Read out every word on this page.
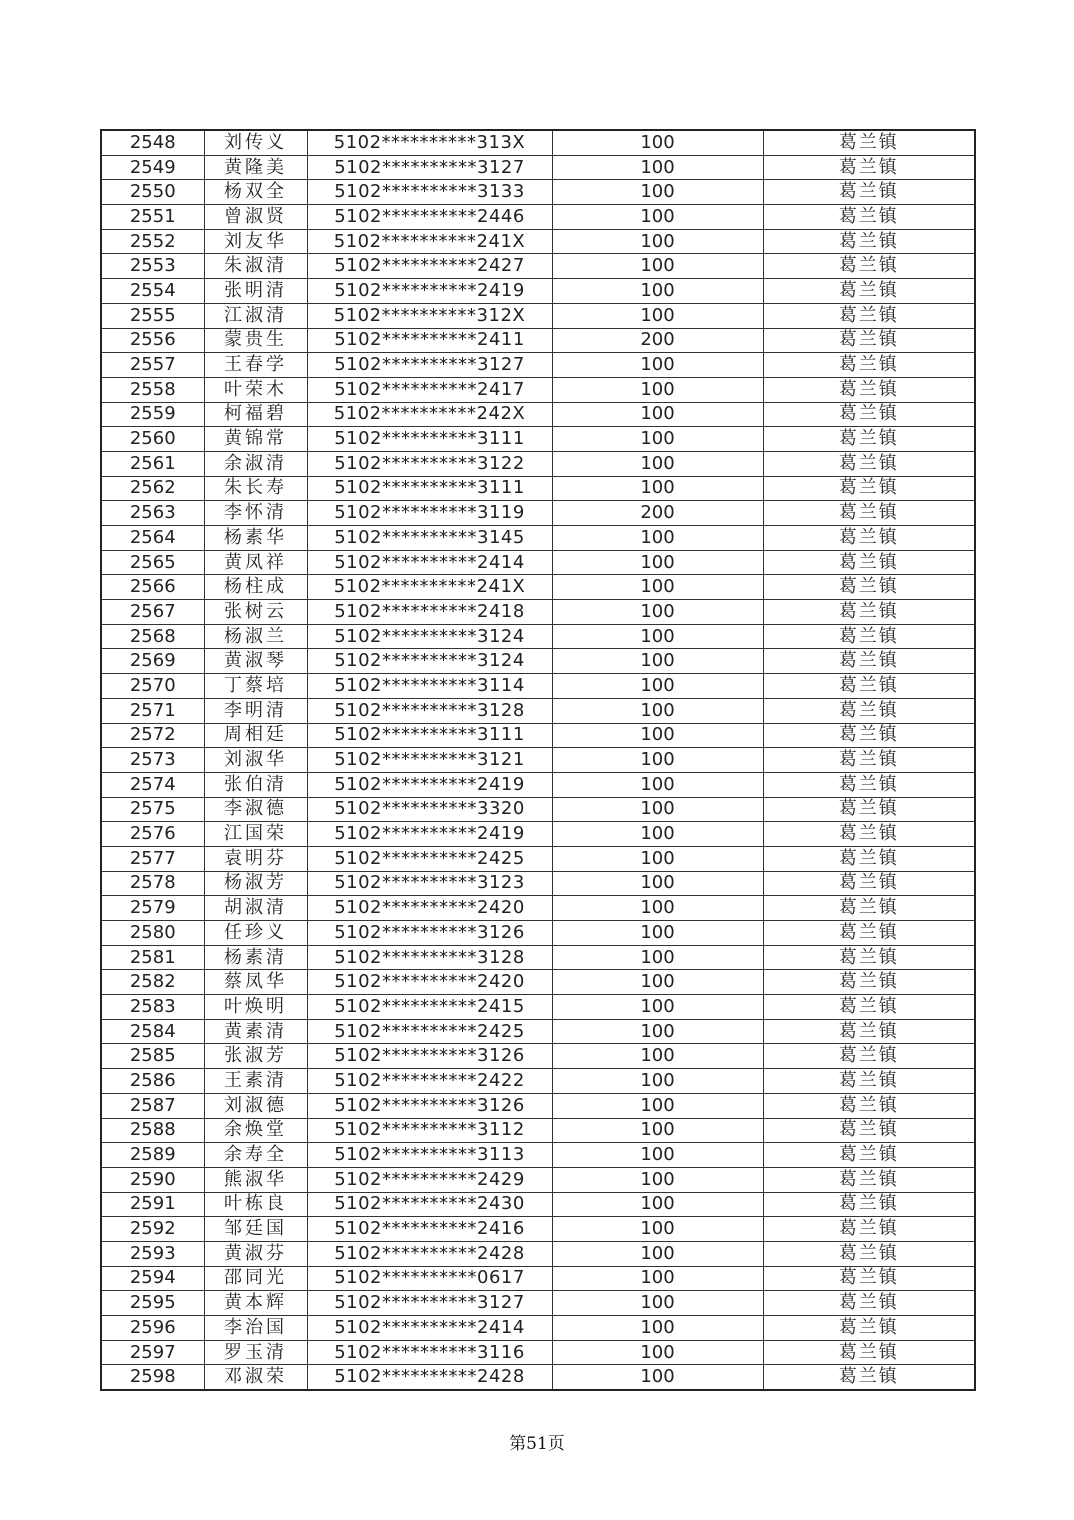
2548	刘传义	5102**********313X	100	葛兰镇
2549	黄隆美	5102**********3127	100	葛兰镇
2550	杨双全	5102**********3133	100	葛兰镇
2551	曾淑贤	5102**********2446	100	葛兰镇
2552	刘友华	5102**********241X	100	葛兰镇
2553	朱淑清	5102**********2427	100	葛兰镇
2554	张明清	5102**********2419	100	葛兰镇
2555	江淑清	5102**********312X	100	葛兰镇
2556	蒙贵生	5102**********2411	200	葛兰镇
2557	王春学	5102**********3127	100	葛兰镇
2558	叶荣木	5102**********2417	100	葛兰镇
2559	柯福碧	5102**********242X	100	葛兰镇
2560	黄锦常	5102**********3111	100	葛兰镇
2561	余淑清	5102**********3122	100	葛兰镇
2562	朱长寿	5102**********3111	100	葛兰镇
2563	李怀清	5102**********3119	200	葛兰镇
2564	杨素华	5102**********3145	100	葛兰镇
2565	黄凤祥	5102**********2414	100	葛兰镇
2566	杨柱成	5102**********241X	100	葛兰镇
2567	张树云	5102**********2418	100	葛兰镇
2568	杨淑兰	5102**********3124	100	葛兰镇
2569	黄淑琴	5102**********3124	100	葛兰镇
2570	丁蔡培	5102**********3114	100	葛兰镇
2571	李明清	5102**********3128	100	葛兰镇
2572	周相廷	5102**********3111	100	葛兰镇
2573	刘淑华	5102**********3121	100	葛兰镇
2574	张伯清	5102**********2419	100	葛兰镇
2575	李淑德	5102**********3320	100	葛兰镇
2576	江国荣	5102**********2419	100	葛兰镇
2577	袁明芬	5102**********2425	100	葛兰镇
2578	杨淑芳	5102**********3123	100	葛兰镇
2579	胡淑清	5102**********2420	100	葛兰镇
2580	任珍义	5102**********3126	100	葛兰镇
2581	杨素清	5102**********3128	100	葛兰镇
2582	蔡凤华	5102**********2420	100	葛兰镇
2583	叶焕明	5102**********2415	100	葛兰镇
2584	黄素清	5102**********2425	100	葛兰镇
2585	张淑芳	5102**********3126	100	葛兰镇
2586	王素清	5102**********2422	100	葛兰镇
2587	刘淑德	5102**********3126	100	葛兰镇
2588	余焕堂	5102**********3112	100	葛兰镇
2589	余寿全	5102**********3113	100	葛兰镇
2590	熊淑华	5102**********2429	100	葛兰镇
2591	叶栋良	5102**********2430	100	葛兰镇
2592	邹廷国	5102**********2416	100	葛兰镇
2593	黄淑芬	5102**********2428	100	葛兰镇
2594	邵同光	5102**********0617	100	葛兰镇
2595	黄本辉	5102**********3127	100	葛兰镇
2596	李治国	5102**********2414	100	葛兰镇
2597	罗玉清	5102**********3116	100	葛兰镇
2598	邓淑荣	5102**********2428	100	葛兰镇
第51页
